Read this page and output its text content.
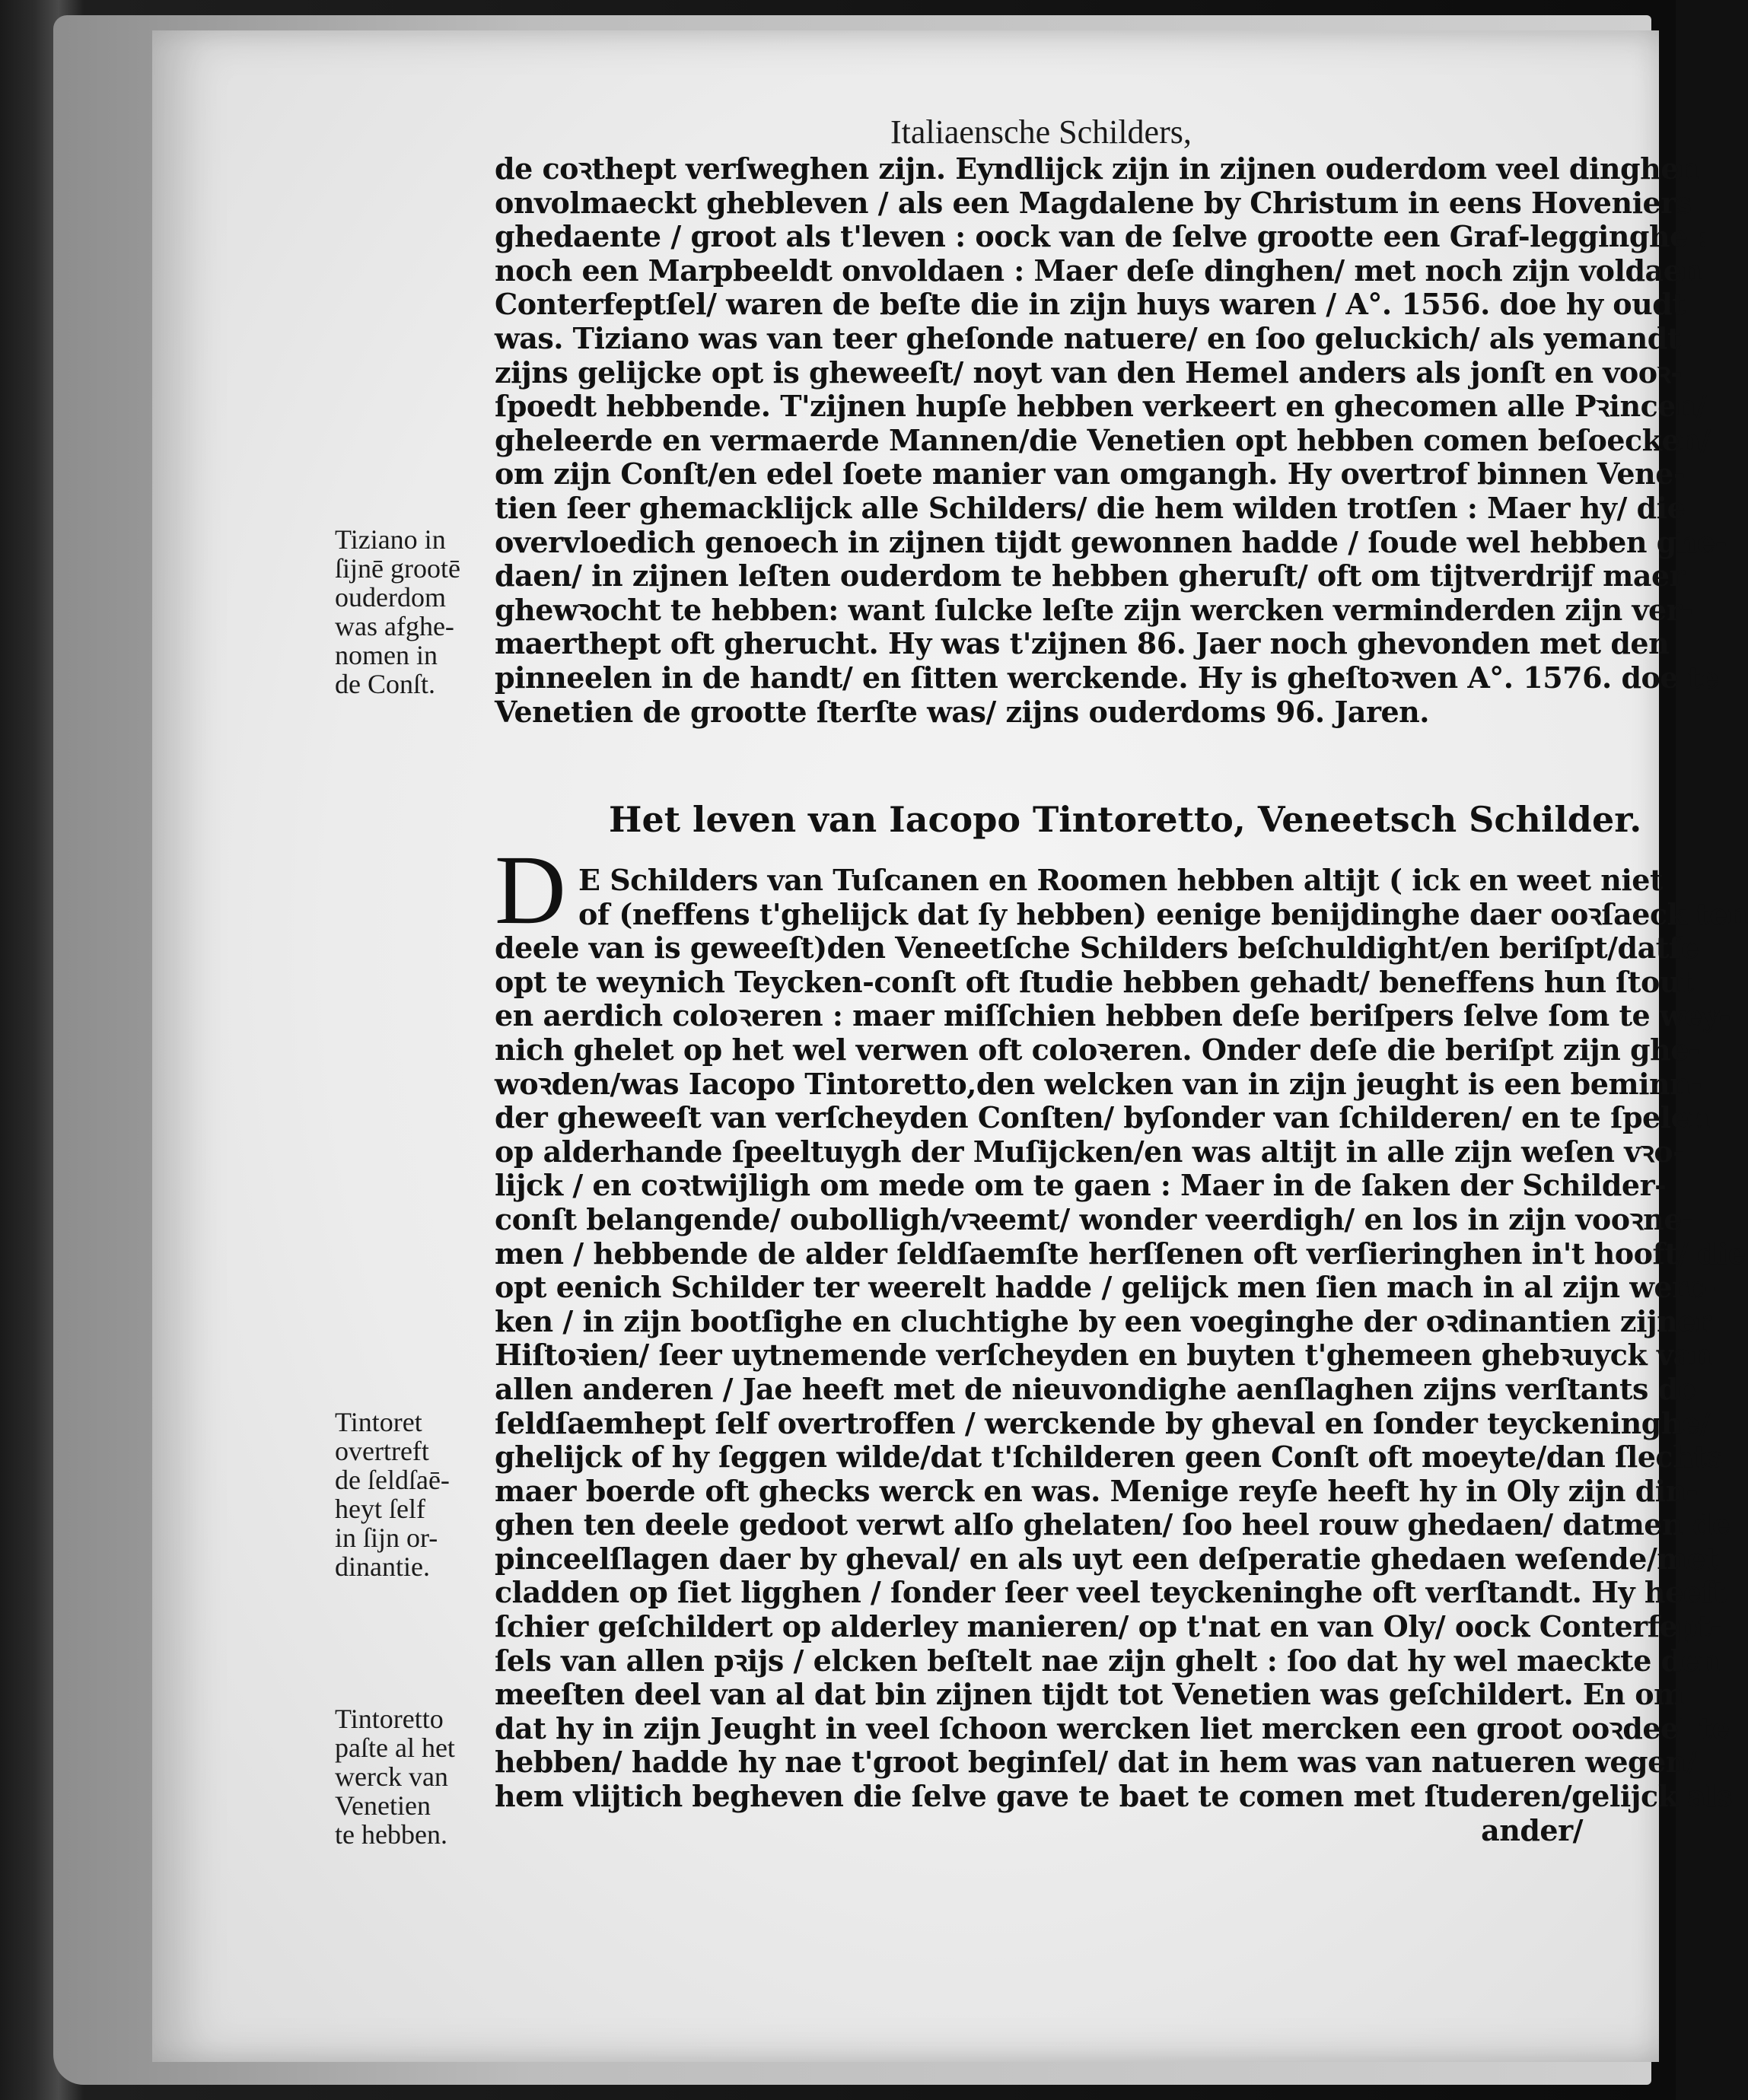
Italiaensche Schilders,
de coꝛthept verſweghen zijn. Eyndlijck zijn in zijnen ouderdom veel dinghen
onvolmaeckt ghebleven / als een Magdalene by Christum in eens Hoveniers
ghedaente / groot als t'leven : oock van de ſelve grootte een Graf-legginghe :
noch een Marpbeeldt onvoldaen : Maer deſe dinghen/ met noch zijn voldaen
Conterfeptſel/ waren de beſte die in zijn huys waren / A°. 1556. doe hy oudt
was. Tiziano was van teer gheſonde natuere/ en ſoo geluckich/ als yemandt
zijns gelijcke opt is gheweeſt/ noyt van den Hemel anders als jonſt en vooꝛ-
ſpoedt hebbende. T'zijnen hupſe hebben verkeert en ghecomen alle Pꝛincen/
gheleerde en vermaerde Mannen/die Venetien opt hebben comen beſoecken/
om zijn Conſt/en edel ſoete manier van omgangh. Hy overtrof binnen Vene-
tien ſeer ghemacklijck alle Schilders/ die hem wilden trotſen : Maer hy/ die
overvloedich genoech in zijnen tijdt gewonnen hadde / ſoude wel hebben ghe-
daen/ in zijnen leſten ouderdom te hebben gheruſt/ oft om tijtverdrijf maer
ghewꝛocht te hebben: want ſulcke leſte zijn wercken verminderden zijn ver-
maerthept oft gherucht. Hy was t'zijnen 86. Jaer noch ghevonden met den
pinneelen in de handt/ en ſitten werckende. Hy is gheſtoꝛven A°. 1576. doe te
Venetien de grootte ſterſte was/ zijns ouderdoms 96. Jaren.
Het leven van Iacopo Tintoretto, Veneetsch Schilder.
D E Schilders van Tuſcanen en Roomen hebben altijt ( ick en weet niet
of (neffens t'ghelijck dat ſy hebben) eenige benijdinghe daer ooꝛſaeck ten
deele van is geweeſt)den Veneetſche Schilders beſchuldight/en beriſpt/datſe
opt te weynich Teycken-conſt oft ſtudie hebben gehadt/ beneffens hun ſtout
en aerdich coloꝛeren : maer miſſchien hebben deſe beriſpers ſelve ſom te wey-
nich ghelet op het wel verwen oft coloꝛeren. Onder deſe die beriſpt zijn ghe-
woꝛden/was Iacopo Tintoretto,den welcken van in zijn jeught is een beminn-
der gheweeſt van verſcheyden Conſten/ byſonder van ſchilderen/ en te ſpelen
op alderhande ſpeeltuygh der Muſijcken/en was altijt in alle zijn weſen vꝛo-
lijck / en coꝛtwijligh om mede om te gaen : Maer in de ſaken der Schilder-
conſt belangende/ oubolligh/vꝛeemt/ wonder veerdigh/ en los in zijn vooꝛne-
men / hebbende de alder ſeldſaemſte herſſenen oft verſieringhen in't hooft/ die
opt eenich Schilder ter weerelt hadde / gelijck men ſien mach in al zijn werc-
ken / in zijn bootſighe en cluchtighe by een voeginghe der oꝛdinantien zijner
Hiſtoꝛien/ ſeer uytnemende verſcheyden en buyten t'ghemeen ghebꝛuyck van
allen anderen / Jae heeft met de nieuvondighe aenſlaghen zijns verſtants de
ſeldſaemhept ſelf overtroffen / werckende by gheval en ſonder teyckeninghe/
ghelijck of hy ſeggen wilde/dat t'ſchilderen geen Conſt oft moeyte/dan ſlechts
maer boerde oft ghecks werck en was. Menige reyſe heeft hy in Oly zijn din-
ghen ten deele gedoot verwt alſo ghelaten/ ſoo heel rouw ghedaen/ datmen de
pinceelſlagen daer by gheval/ en als uyt een deſperatie ghedaen weſende/met
cladden op ſiet ligghen / ſonder ſeer veel teyckeninghe oft verſtandt. Hy heeft
ſchier geſchildert op alderley manieren/ op t'nat en van Oly/ oock Conterfept-
ſels van allen pꝛijs / elcken beſtelt nae zijn ghelt : ſoo dat hy wel maeckte den
meeſten deel van al dat bin zijnen tijdt tot Venetien was geſchildert. En om
dat hy in zijn Jeught in veel ſchoon wercken liet mercken een groot ooꝛdeel te
hebben/ hadde hy nae t'groot beginſel/ dat in hem was van natueren wegen/
hem vlijtich begheven die ſelve gave te baet te comen met ſtuderen/gelijck als
ander/
Tiziano in
ſijnē grootē
ouderdom
was afghe-
nomen in
de Conſt.
Tintoret
overtreft
de ſeldſaē-
heyt ſelf
in ſijn or-
dinantie.
Tintoretto
paſte al het
werck van
Venetien
te hebben.
